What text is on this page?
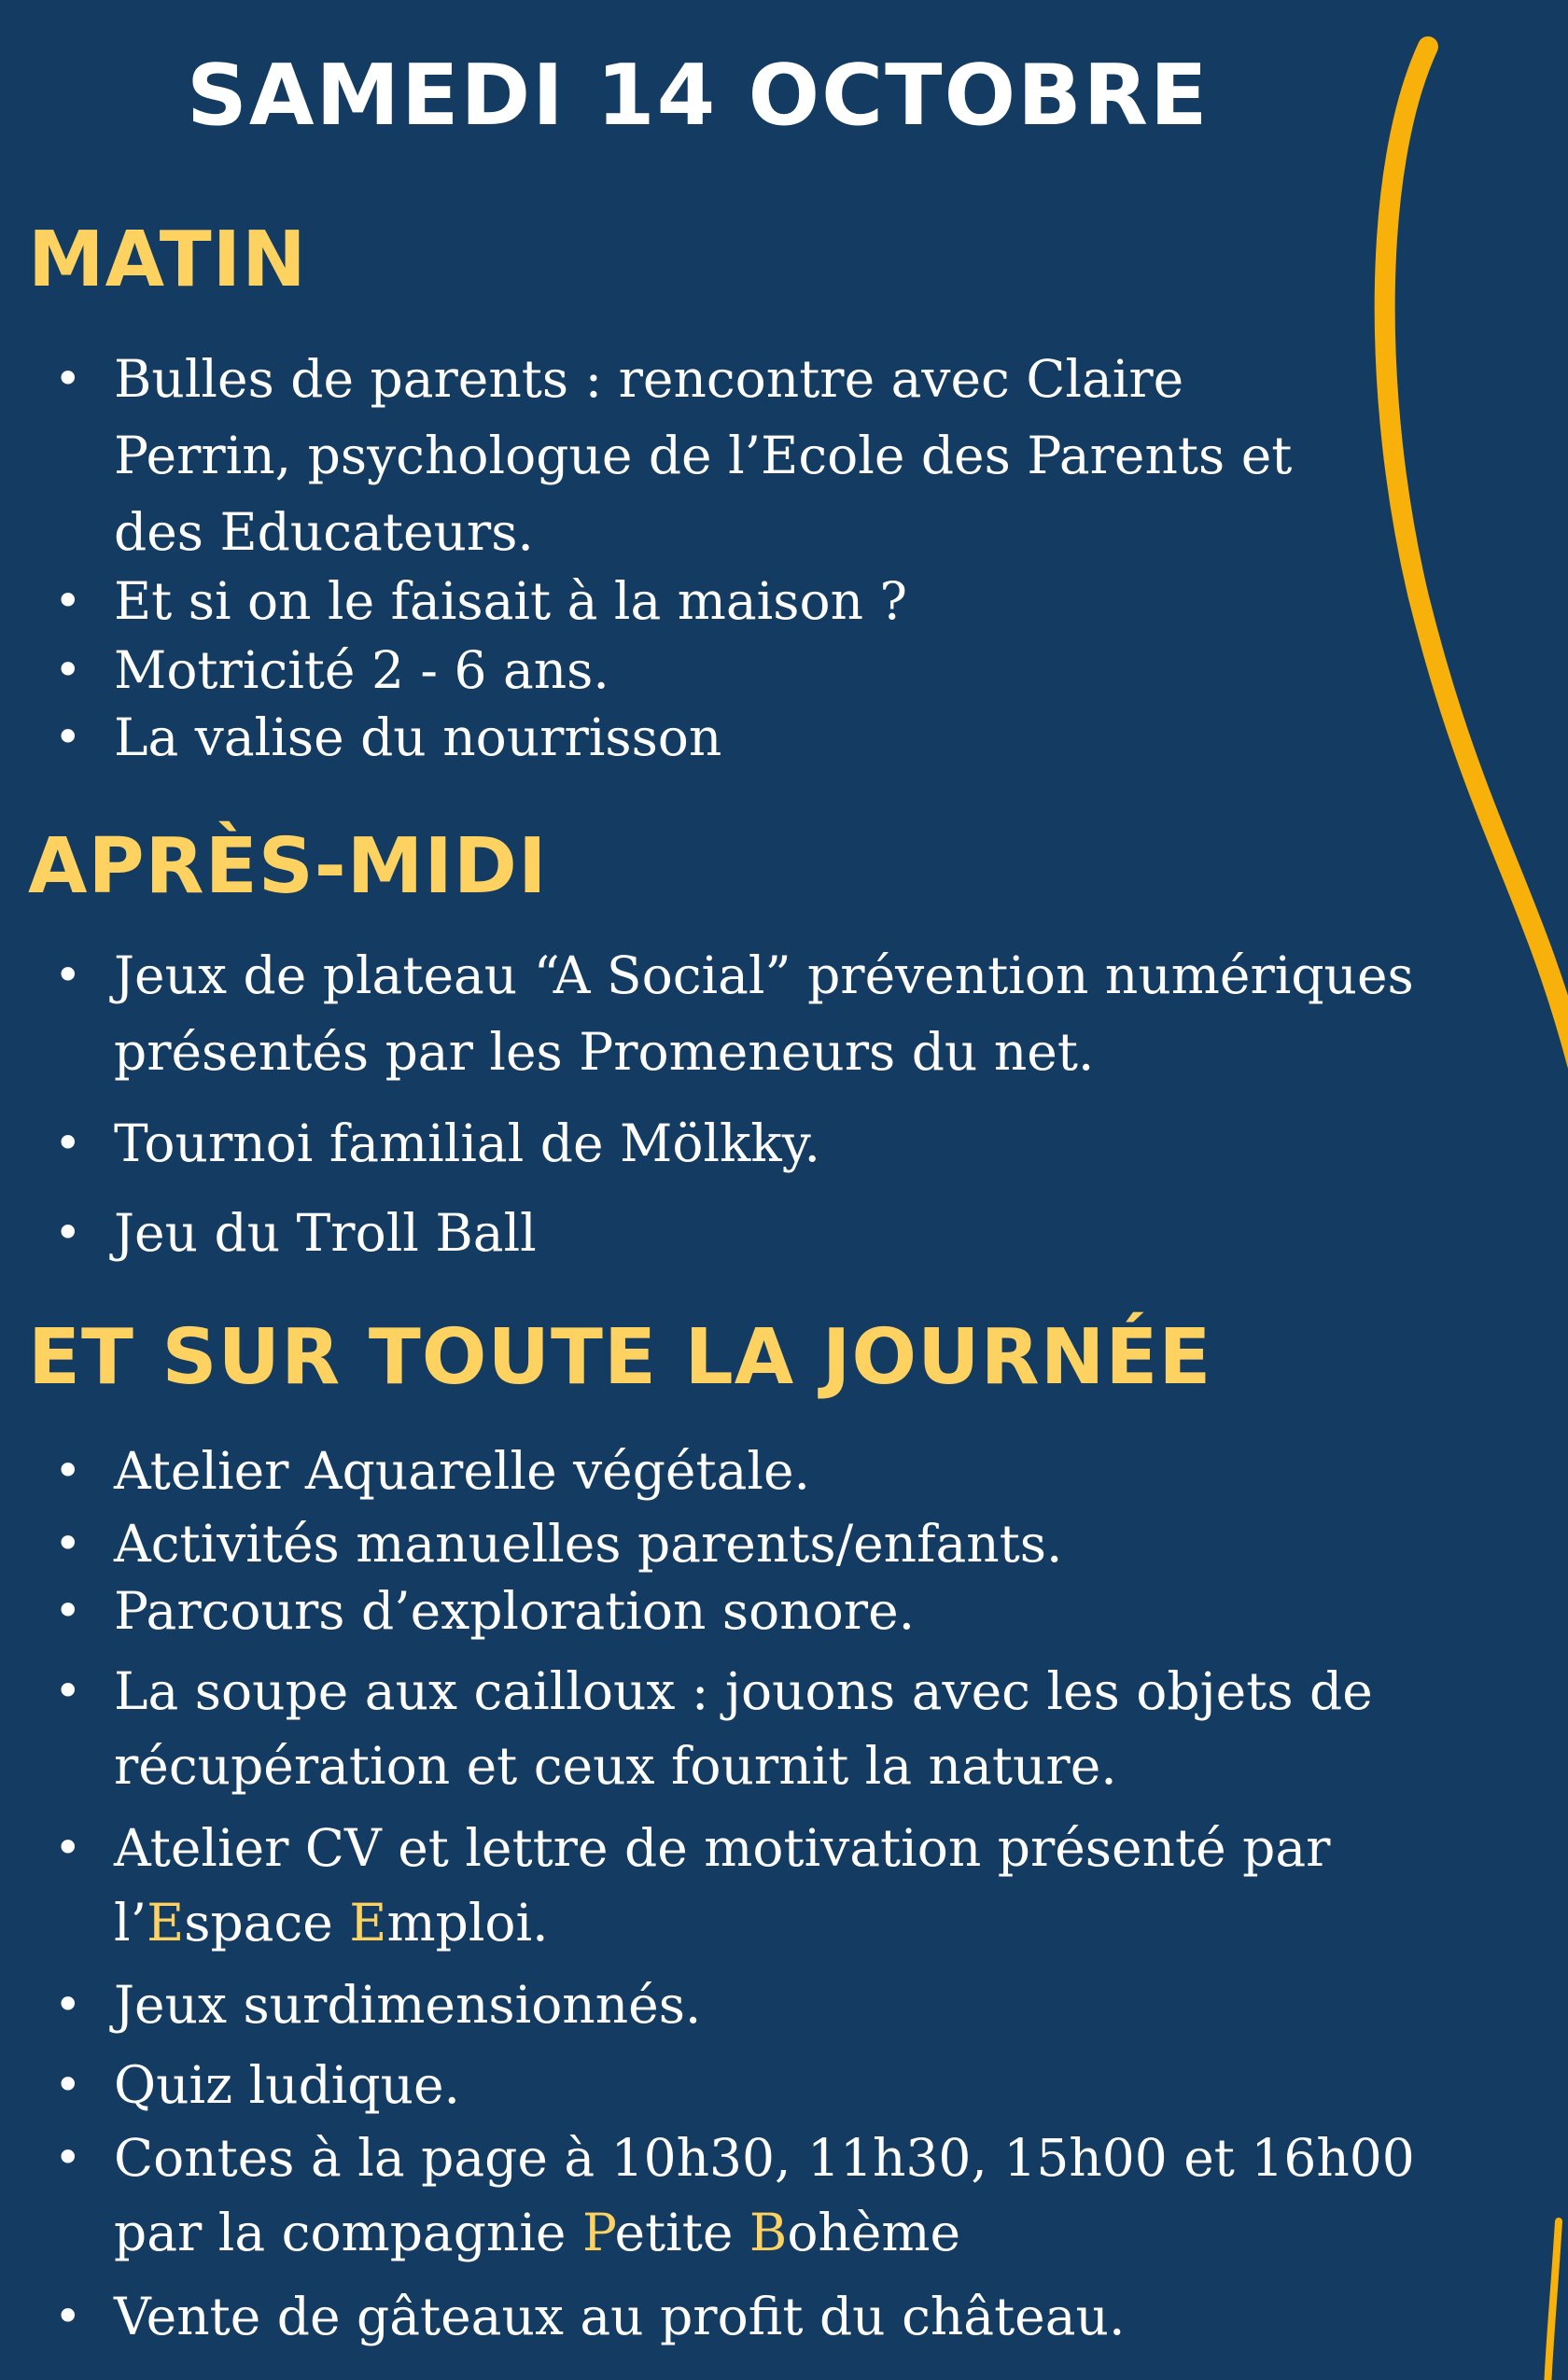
SAMEDI 14 OCTOBRE
MATIN
• Bulles de parents : rencontre avec Claire
Perrin, psychologue de l’Ecole des Parents et
des Educateurs.
• Et si on le faisait à la maison ?
• Motricité 2 - 6 ans.
• La valise du nourrisson
APRÈS-MIDI
• Jeux de plateau “A Social” prévention numériques
présentés par les Promeneurs du net.
• Tournoi familial de Mölkky.
• Jeu du Troll Ball
ET SUR TOUTE LA JOURNÉE
• Atelier Aquarelle végétale.
• Activités manuelles parents/enfants.
• Parcours d’exploration sonore.
• La soupe aux cailloux : jouons avec les objets de
récupération et ceux fournit la nature.
• Atelier CV et lettre de motivation présenté par
l’Espace Emploi.
• Jeux surdimensionnés.
• Quiz ludique.
• Contes à la page à 10h30, 11h30, 15h00 et 16h00
par la compagnie Petite Bohème
• Vente de gâteaux au profit du château.
